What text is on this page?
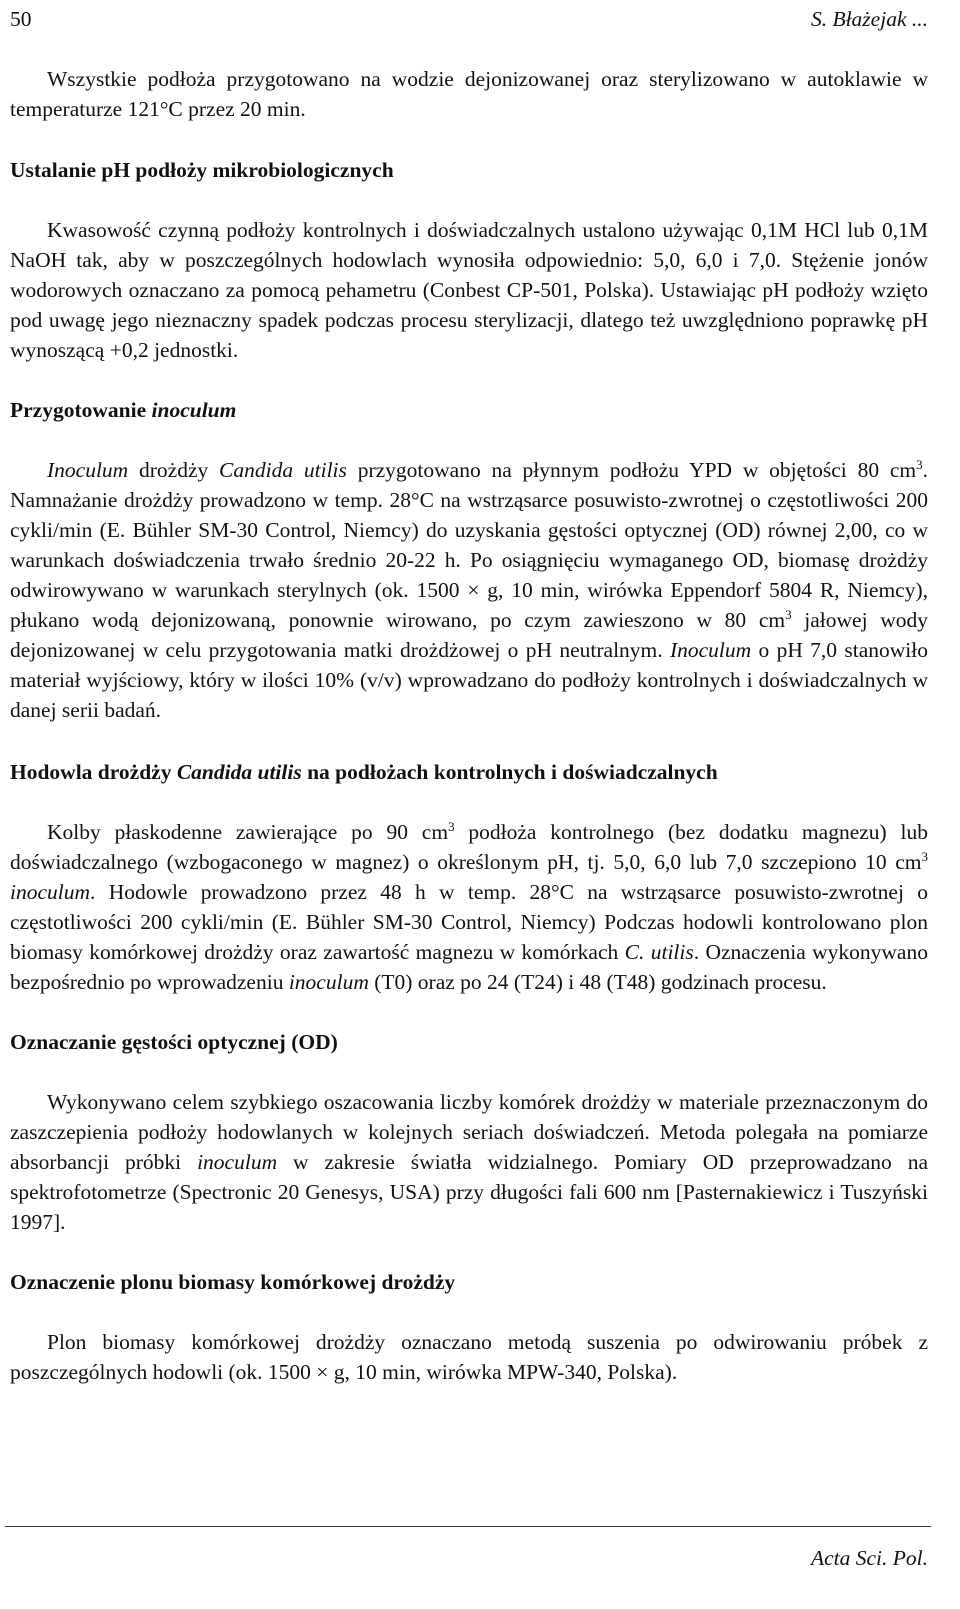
50	S. Błażejak ...

Wszystkie podłoża przygotowano na wodzie dejonizowanej oraz sterylizowano w autoklawie w temperaturze 121°C przez 20 min.

Ustalanie pH podłoży mikrobiologicznych

Kwasowość czynną podłoży kontrolnych i doświadczalnych ustalono używając 0,1M HCl lub 0,1M NaOH tak, aby w poszczególnych hodowlach wynosiła odpowiednio: 5,0, 6,0 i 7,0. Stężenie jonów wodorowych oznaczano za pomocą pehametru (Conbest CP-501, Polska). Ustawiając pH podłoży wzięto pod uwagę jego nieznaczny spadek podczas procesu sterylizacji, dlatego też uwzględniono poprawkę pH wynoszącą +0,2 jednostki.

Przygotowanie inoculum

Inoculum drożdży Candida utilis przygotowano na płynnym podłożu YPD w objętości 80 $cm^3$. Namnażanie drożdży prowadzono w temp. 28°C na wstrząsarce posuwisto-zwrotnej o częstotliwości 200 cykli/min (E. Bühler SM-30 Control, Niemcy) do uzyskania gęstości optycznej (OD) równej 2,00, co w warunkach doświadczenia trwało średnio 20-22 h. Po osiągnięciu wymaganego OD, biomasę drożdży odwirowywano w warunkach sterylnych (ok. 1500 × g, 10 min, wirówka Eppendorf 5804 R, Niemcy), płukano wodą dejonizowaną, ponownie wirowano, po czym zawieszono w 80 $cm^3$ jałowej wody dejonizowanej w celu przygotowania matki drożdżowej o pH neutralnym. Inoculum o pH 7,0 stanowiło materiał wyjściowy, który w ilości 10% (v/v) wprowadzano do podłoży kontrolnych i doświadczalnych w danej serii badań.

Hodowla drożdży Candida utilis na podłożach kontrolnych i doświadczalnych

Kolby płaskodenne zawierające po 90 $cm^3$ podłoża kontrolnego (bez dodatku magnezu) lub doświadczalnego (wzbogaconego w magnez) o określonym pH, tj. 5,0, 6,0 lub 7,0 szczepiono 10 $cm^3$ inoculum. Hodowle prowadzono przez 48 h w temp. 28°C na wstrząsarce posuwisto-zwrotnej o częstotliwości 200 cykli/min (E. Bühler SM-30 Control, Niemcy) Podczas hodowli kontrolowano plon biomasy komórkowej drożdży oraz zawartość magnezu w komórkach C. utilis. Oznaczenia wykonywano bezpośrednio po wprowadzeniu inoculum (T0) oraz po 24 (T24) i 48 (T48) godzinach procesu.

Oznaczanie gęstości optycznej (OD)

Wykonywano celem szybkiego oszacowania liczby komórek drożdży w materiale przeznaczonym do zaszczepienia podłoży hodowlanych w kolejnych seriach doświadczeń. Metoda polegała na pomiarze absorbancji próbki inoculum w zakresie światła widzialnego. Pomiary OD przeprowadzano na spektrofotometrze (Spectronic 20 Genesys, USA) przy długości fali 600 nm [Pasternakiewicz i Tuszyński 1997].

Oznaczenie plonu biomasy komórkowej drożdży

Plon biomasy komórkowej drożdży oznaczano metodą suszenia po odwirowaniu próbek z poszczególnych hodowli (ok. 1500 × g, 10 min, wirówka MPW-340, Polska).

Acta Sci. Pol.
